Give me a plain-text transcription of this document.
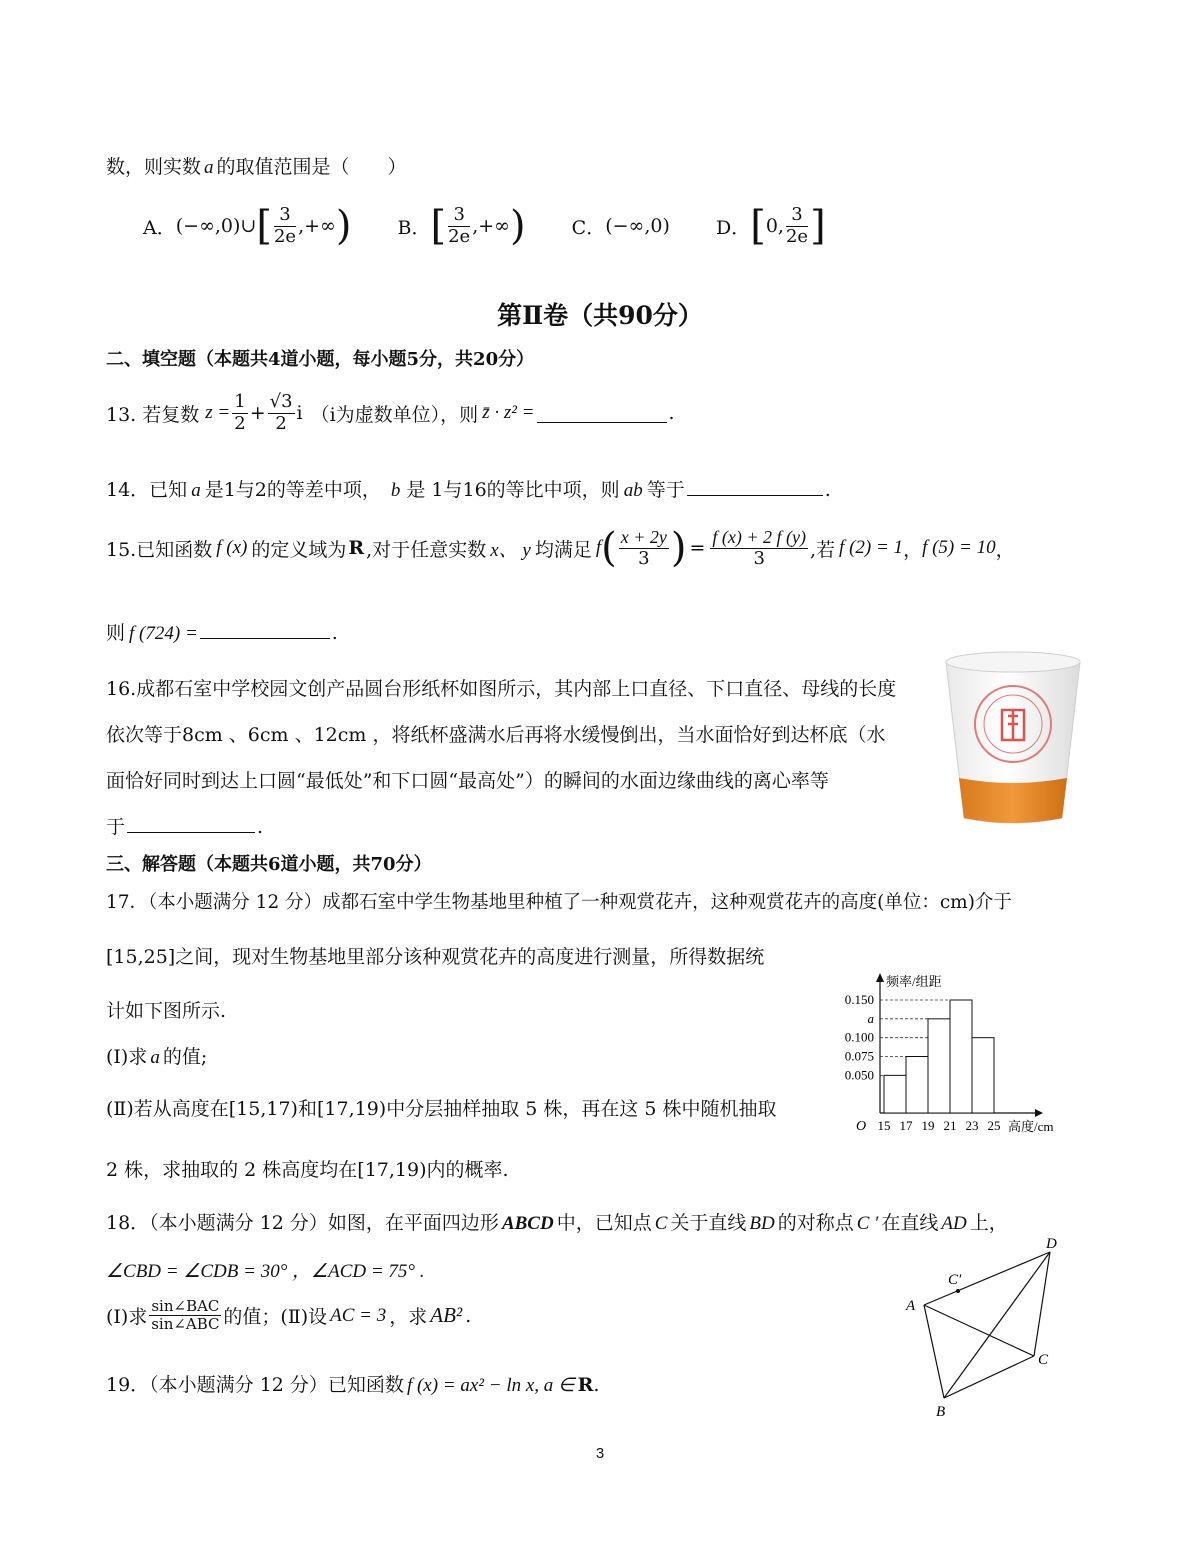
数，则实数 a 的取值范围是（　　）
A． (−∞,0)∪ [ $\frac{3}{2e}$ ,+∞ )
B． [ $\frac{3}{2e}$ ,+∞ )
C． (−∞,0)
D． [ 0, $\frac{3}{2e}$ ]
第Ⅱ卷（共90分）
二、填空题（本题共4道小题，每小题5分，共20分）
13. 若复数 $z = \frac{1}{2} + \frac{√3}{2}$ i （i为虚数单位），则 z̄ · z² =	.
14．已知 a 是1与2的等差中项， b 是 1与16的等比中项，则 ab 等于	.
15.已知函数 f (x) 的定义域为 R ,对于任意实数 x、 y 均满足 f ( $\frac{x + 2y}{3}$ ) = $\frac{f (x) + 2 f (y)}{3}$ ,若 f (2) = 1 ， f (5) = 10 ，
则 f (724) =	.
16.成都石室中学校园文创产品圆台形纸杯如图所示，其内部上口直径、下口直径、母线的长度
依次等于8cm 、6cm 、12cm ，将纸杯盛满水后再将水缓慢倒出，当水面恰好到达杯底（水
面恰好同时到达上口圆“最低处”和下口圆“最高处”）的瞬间的水面边缘曲线的离心率等
于	.
三、解答题（本题共6道小题，共70分）
17．（本小题满分 12 分）成都石室中学生物基地里种植了一种观赏花卉，这种观赏花卉的高度(单位：cm)介于
[15,25]之间，现对生物基地里部分该种观赏花卉的高度进行测量，所得数据统
计如下图所示.
(Ⅰ)求 a 的值;
(Ⅱ)若从高度在[15,17)和[17,19)中分层抽样抽取 5 株，再在这 5 株中随机抽取
2 株，求抽取的 2 株高度均在[17,19)内的概率.
频率/组距
高度/cm
O
0.050
0.075
0.100
a
0.150
15 17 19 21 23 25
18．（本小题满分 12 分）如图，在平面四边形 ABCD 中，已知点 C 关于直线 BD 的对称点 C ′ 在直线 AD 上，
∠CBD = ∠CDB = 30° ，∠ACD = 75° .
(Ⅰ)求 $\frac{\text{sin∠BAC}}{\text{sin∠ABC}}$ 的值；(Ⅱ)设 AC = 3 ，求 AB² .	A
B
C
D
C′
19．（本小题满分 12 分）已知函数 f (x) = ax² − ln x, a ∈ R.
3
